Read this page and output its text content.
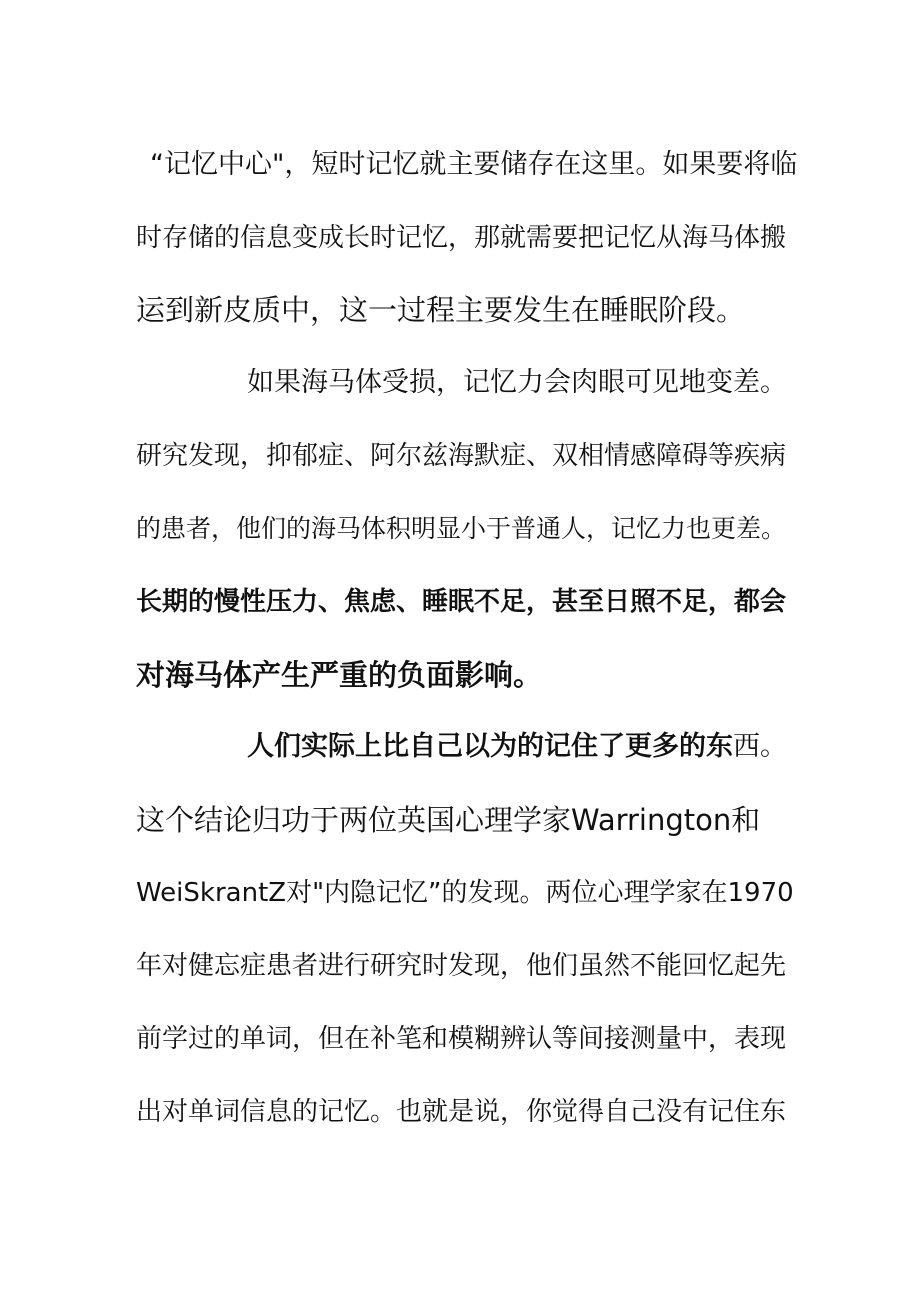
“记忆中心"，短时记忆就主要储存在这里。如果要将临
时存储的信息变成长时记忆，那就需要把记忆从海马体搬
运到新皮质中，这一过程主要发生在睡眠阶段。
如果海马体受损，记忆力会肉眼可见地变差。
研究发现，抑郁症、阿尔兹海默症、双相情感障碍等疾病
的患者，他们的海马体积明显小于普通人，记忆力也更差。
长期的慢性压力、焦虑、睡眠不足，甚至日照不足，都会
对海马体产生严重的负面影响。
人们实际上比自己以为的记住了更多的东西。
这个结论归功于两位英国心理学家Warrington和
WeiSkrantZ对"内隐记忆”的发现。两位心理学家在1970
年对健忘症患者进行研究时发现，他们虽然不能回忆起先
前学过的单词，但在补笔和模糊辨认等间接测量中，表现
出对单词信息的记忆。也就是说，你觉得自己没有记住东
